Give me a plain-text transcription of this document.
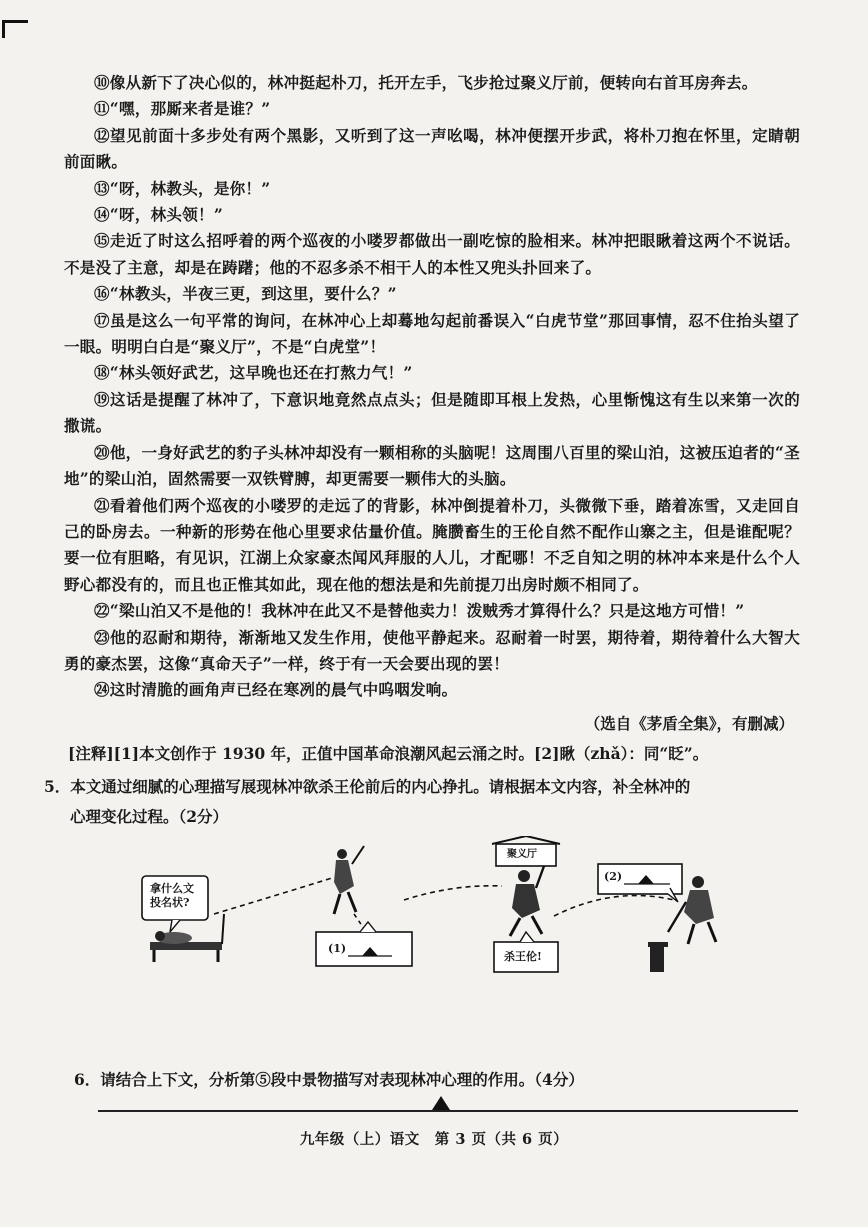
⑩像从新下了决心似的，林冲挺起朴刀，托开左手，飞步抢过聚义厅前，便转向右首耳房奔去。

⑪“嘿，那厮来者是谁？”

⑫望见前面十多步处有两个黑影，又听到了这一声吆喝，林冲便摆开步武，将朴刀抱在怀里，定睛朝前面瞅。

⑬“呀，林教头，是你！”

⑭“呀，林头领！”

⑮走近了时这么招呼着的两个巡夜的小喽罗都做出一副吃惊的脸相来。林冲把眼瞅着这两个不说话。不是没了主意，却是在踌躇；他的不忍多杀不相干人的本性又兜头扑回来了。

⑯“林教头，半夜三更，到这里，要什么？”

⑰虽是这么一句平常的询问，在林冲心上却蓦地勾起前番误入“白虎节堂”那回事情，忍不住抬头望了一眼。明明白白是“聚义厅”，不是“白虎堂”！

⑱“林头领好武艺，这早晚也还在打熬力气！”

⑲这话是提醒了林冲了，下意识地竟然点点头；但是随即耳根上发热，心里惭愧这有生以来第一次的撒谎。

⑳他，一身好武艺的豹子头林冲却没有一颗相称的头脑呢！这周围八百里的梁山泊，这被压迫者的“圣地”的梁山泊，固然需要一双铁臂膊，却更需要一颗伟大的头脑。

㉑看着他们两个巡夜的小喽罗的走远了的背影，林冲倒提着朴刀，头微微下垂，踏着冻雪，又走回自己的卧房去。一种新的形势在他心里要求估量价值。腌臜畜生的王伦自然不配作山寨之主，但是谁配呢？要一位有胆略，有见识，江湖上众家豪杰闻风拜服的人儿，才配哪！不乏自知之明的林冲本来是什么个人野心都没有的，而且也正惟其如此，现在他的想法是和先前提刀出房时颇不相同了。

㉒“梁山泊又不是他的！我林冲在此又不是替他卖力！泼贼秀才算得什么？只是这地方可惜！”

㉓他的忍耐和期待，渐渐地又发生作用，使他平静起来。忍耐着一时罢，期待着，期待着什么大智大勇的豪杰罢，这像“真命天子”一样，终于有一天会要出现的罢！

㉔这时清脆的画角声已经在寒冽的晨气中呜咽发响。

（选自《茅盾全集》，有删减）
[注释][1]本文创作于 1930 年，正值中国革命浪潮风起云涌之时。[2]瞅（zhǎ）：同“眨”。
5．本文通过细腻的心理描写展现林冲欲杀王伦前后的内心挣扎。请根据本文内容，补全林冲的
心理变化过程。（2分）
拿什么文
投名状?
(1)
聚义厅
杀王伦!
(2)
6．请结合上下文，分析第⑤段中景物描写对表现林冲心理的作用。（4分）
九年级（上）语文　第 3 页（共 6 页）
